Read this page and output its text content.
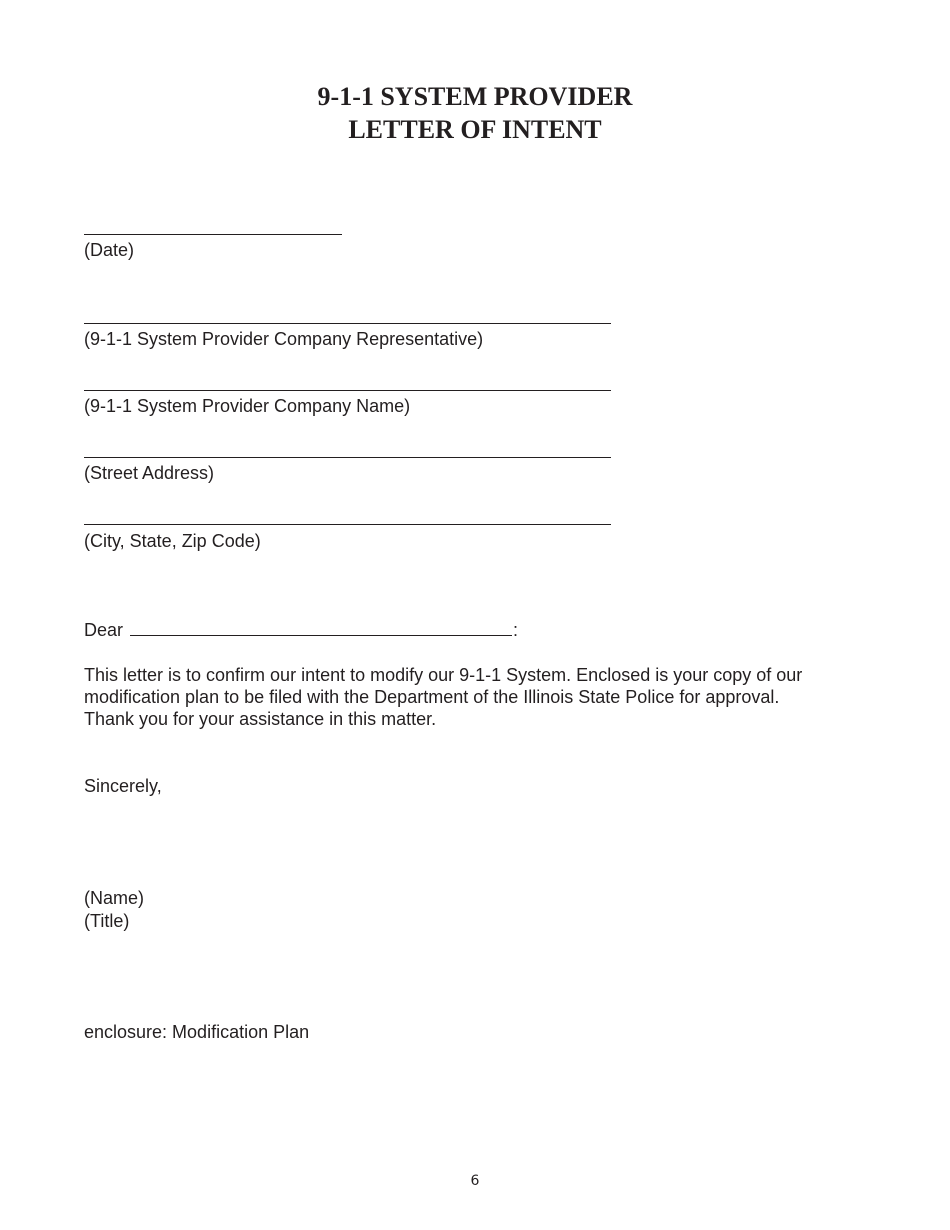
9-1-1 SYSTEM PROVIDER
LETTER OF INTENT
(Date)
(9-1-1 System Provider Company Representative)
(9-1-1 System Provider Company Name)
(Street Address)
(City, State, Zip Code)
Dear	:
This letter is to confirm our intent to modify our 9-1-1 System. Enclosed is your copy of our modification plan to be filed with the Department of the Illinois State Police for approval. Thank you for your assistance in this matter.
Sincerely,
(Name)
(Title)
enclosure: Modification Plan
6
